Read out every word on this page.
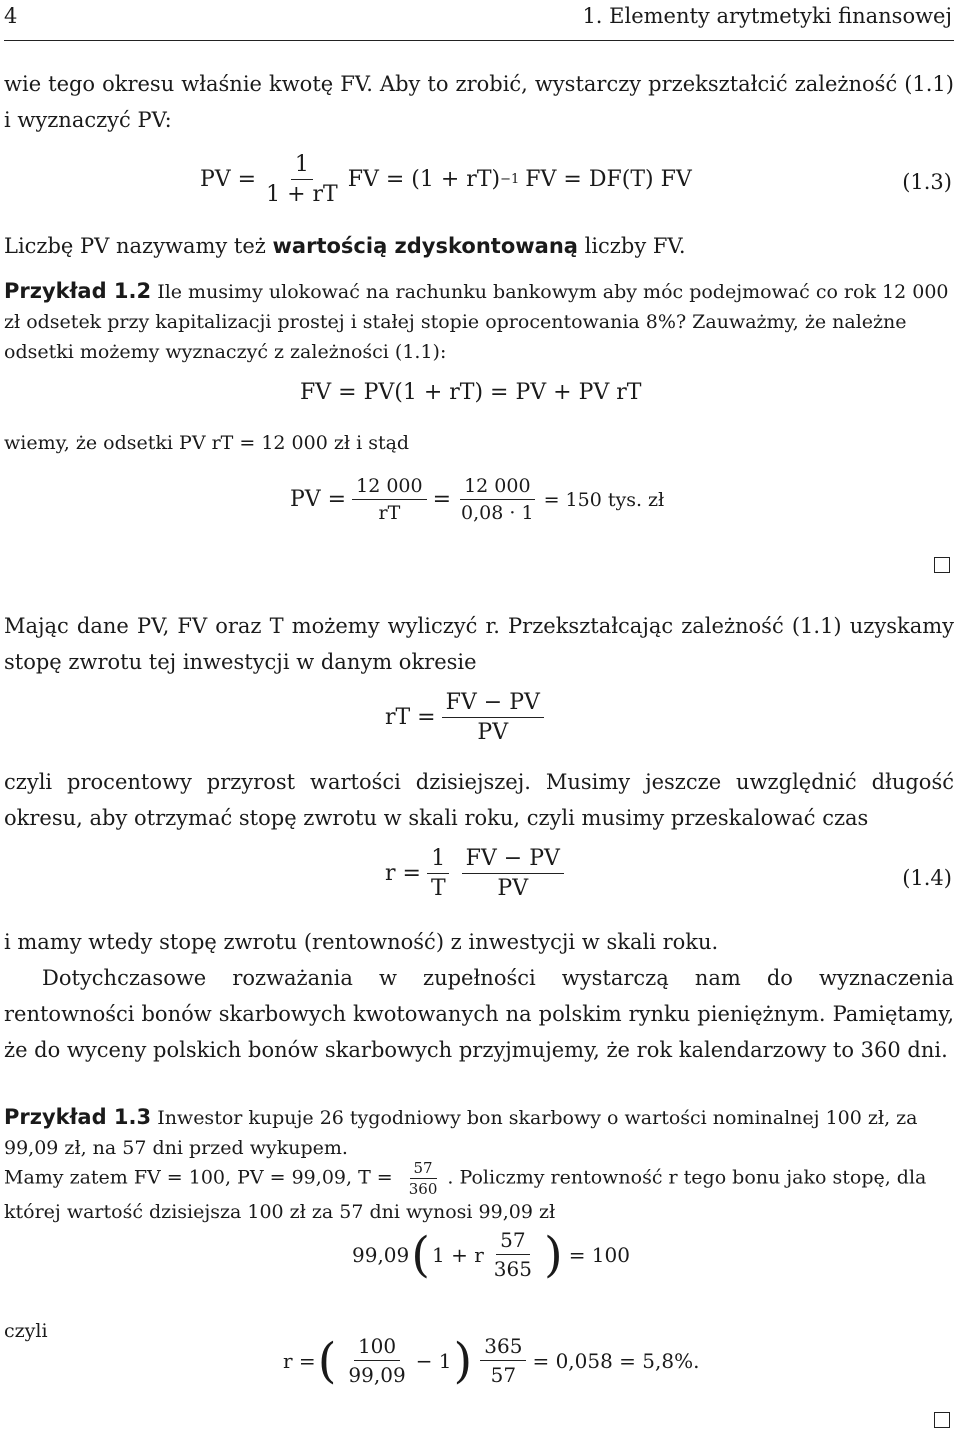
4	1. Elementy arytmetyki finansowej
wie tego okresu właśnie kwotę FV. Aby to zrobić, wystarczy przekształcić zależność (1.1) i wyznaczyć PV:
PV = $\frac{1}{1 + rT}$ FV = (1 + rT) −1 FV = DF(T) FV	(1.3)
Liczbę PV nazywamy też wartością zdyskontowaną liczby FV.
Przykład 1.2 Ile musimy ulokować na rachunku bankowym aby móc podejmować co rok 12 000 zł odsetek przy kapitalizacji prostej i stałej stopie oprocentowania 8%? Zauważmy, że należne odsetki możemy wyznaczyć z zależności (1.1):
FV = PV(1 + rT) = PV + PV rT
wiemy, że odsetki PV rT = 12 000 zł i stąd
PV = $\frac{12 000}{rT} = \frac{12 000}{0,08 \cdot 1} = 150$ tys. zł
Mając dane PV, FV oraz T możemy wyliczyć r. Przekształcając zależność (1.1) uzyskamy stopę zwrotu tej inwestycji w danym okresie
rT = $\frac{FV - PV}{PV}$
czyli procentowy przyrost wartości dzisiejszej. Musimy jeszcze uwzględnić długość okresu, aby otrzymać stopę zwrotu w skali roku, czyli musimy przeskalować czas
$r = \frac{1}{T} \frac{FV - PV}{PV}$	(1.4)
i mamy wtedy stopę zwrotu (rentowność) z inwestycji w skali roku.
Dotychczasowe rozważania w zupełności wystarczą nam do wyznaczenia rentowności bonów skarbowych kwotowanych na polskim rynku pieniężnym. Pamiętamy, że do wyceny polskich bonów skarbowych przyjmujemy, że rok kalendarzowy to 360 dni.
Przykład 1.3 Inwestor kupuje 26 tygodniowy bon skarbowy o wartości nominalnej 100 zł, za 99,09 zł, na 57 dni przed wykupem.
Mamy zatem FV = 100, PV = 99,09, $T = \frac{57}{360}$ . Policzmy rentowność r tego bonu jako stopę, dla której wartość dzisiejsza 100 zł za 57 dni wynosi 99,09 zł
99,09 ( 1 + r $\frac{57}{365}$ ) = 100
czyli
r = ( $\frac{100}{99,09} - 1$ ) $\frac{365}{57} = 0,058 = 5,8\%$.
